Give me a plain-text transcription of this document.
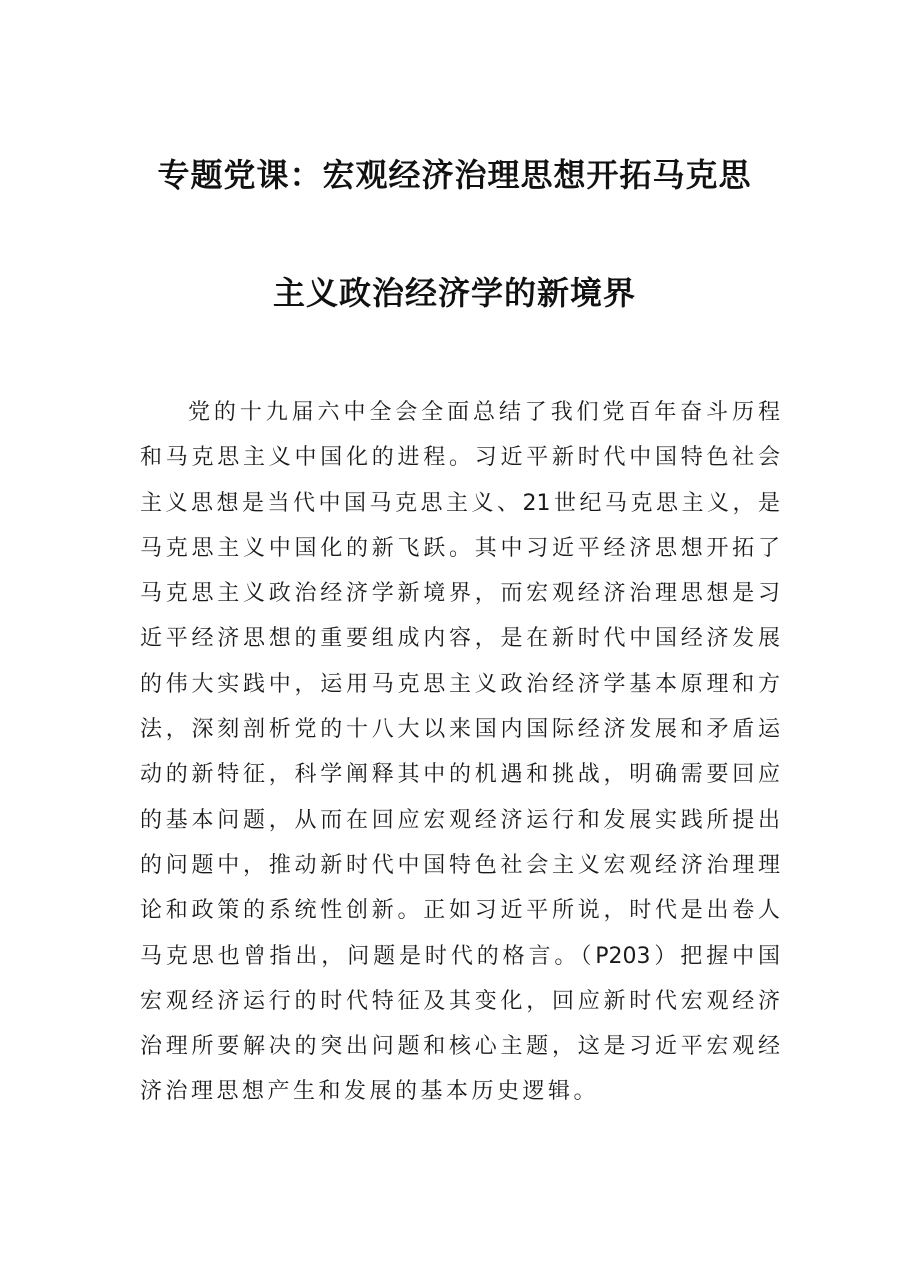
专题党课：宏观经济治理思想开拓马克思
主义政治经济学的新境界
党的十九届六中全会全面总结了我们党百年奋斗历程
和马克思主义中国化的进程。习近平新时代中国特色社会
主义思想是当代中国马克思主义、21世纪马克思主义，是
马克思主义中国化的新飞跃。其中习近平经济思想开拓了
马克思主义政治经济学新境界，而宏观经济治理思想是习
近平经济思想的重要组成内容，是在新时代中国经济发展
的伟大实践中，运用马克思主义政治经济学基本原理和方
法，深刻剖析党的十八大以来国内国际经济发展和矛盾运
动的新特征，科学阐释其中的机遇和挑战，明确需要回应
的基本问题，从而在回应宏观经济运行和发展实践所提出
的问题中，推动新时代中国特色社会主义宏观经济治理理
论和政策的系统性创新。正如习近平所说，时代是出卷人
马克思也曾指出，问题是时代的格言。（P203）把握中国
宏观经济运行的时代特征及其变化，回应新时代宏观经济
治理所要解决的突出问题和核心主题，这是习近平宏观经
济治理思想产生和发展的基本历史逻辑。
